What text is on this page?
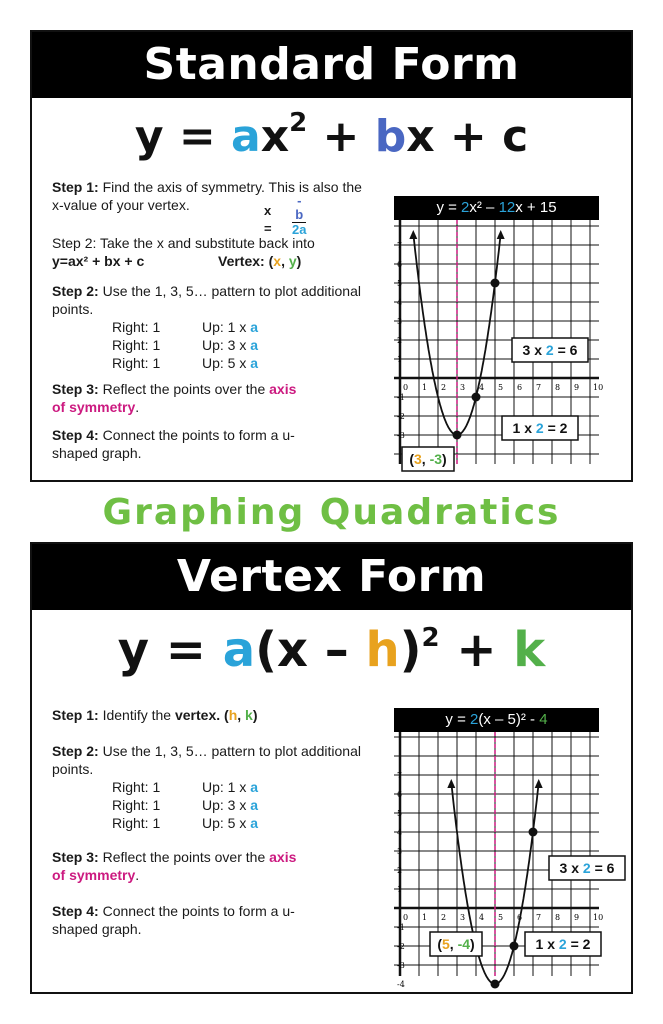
Standard Form
$y = ax^2$ + bx + c
Step 1: Find the axis of symmetry. This is also the x-value of your vertex.	$x = \frac{-b}{2a}$
Step 2: Take the x and substitute back into
y=ax² + bx + c	Vertex: (x, y)
Step 2: Use the 1, 3, 5… pattern to plot additional points.
Right: 1	Up: 1 x a
Right: 1	Up: 3 x a
Right: 1	Up: 5 x a
Step 3: Reflect the points over the axis of symmetry.
Step 4: Connect the points to form a u-shaped graph.
y = 2x² – 12x + 15
0 1 2 3 4 5 6 7 8 9 10
7
6
5
4
3
2
1
-1
-2
-3
3 x 2 = 6
1 x 2 = 2
(3, -3)
Graphing Quadratics
Vertex Form
y = a(x – h)$^2$ + k
Step 1: Identify the vertex. (h, k)
Step 2: Use the 1, 3, 5… pattern to plot additional points.
Right: 1	Up: 1 x a
Right: 1	Up: 3 x a
Right: 1	Up: 5 x a
Step 3: Reflect the points over the axis of symmetry.
Step 4: Connect the points to form a u-shaped graph.
y = 2(x – 5)² - 4
0 1 2 3 4 5 6 7 8 9 10
7
6
5
4
3
2
1
-1
-2
-3
-4
3 x 2 = 6
1 x 2 = 2
(5, -4)
